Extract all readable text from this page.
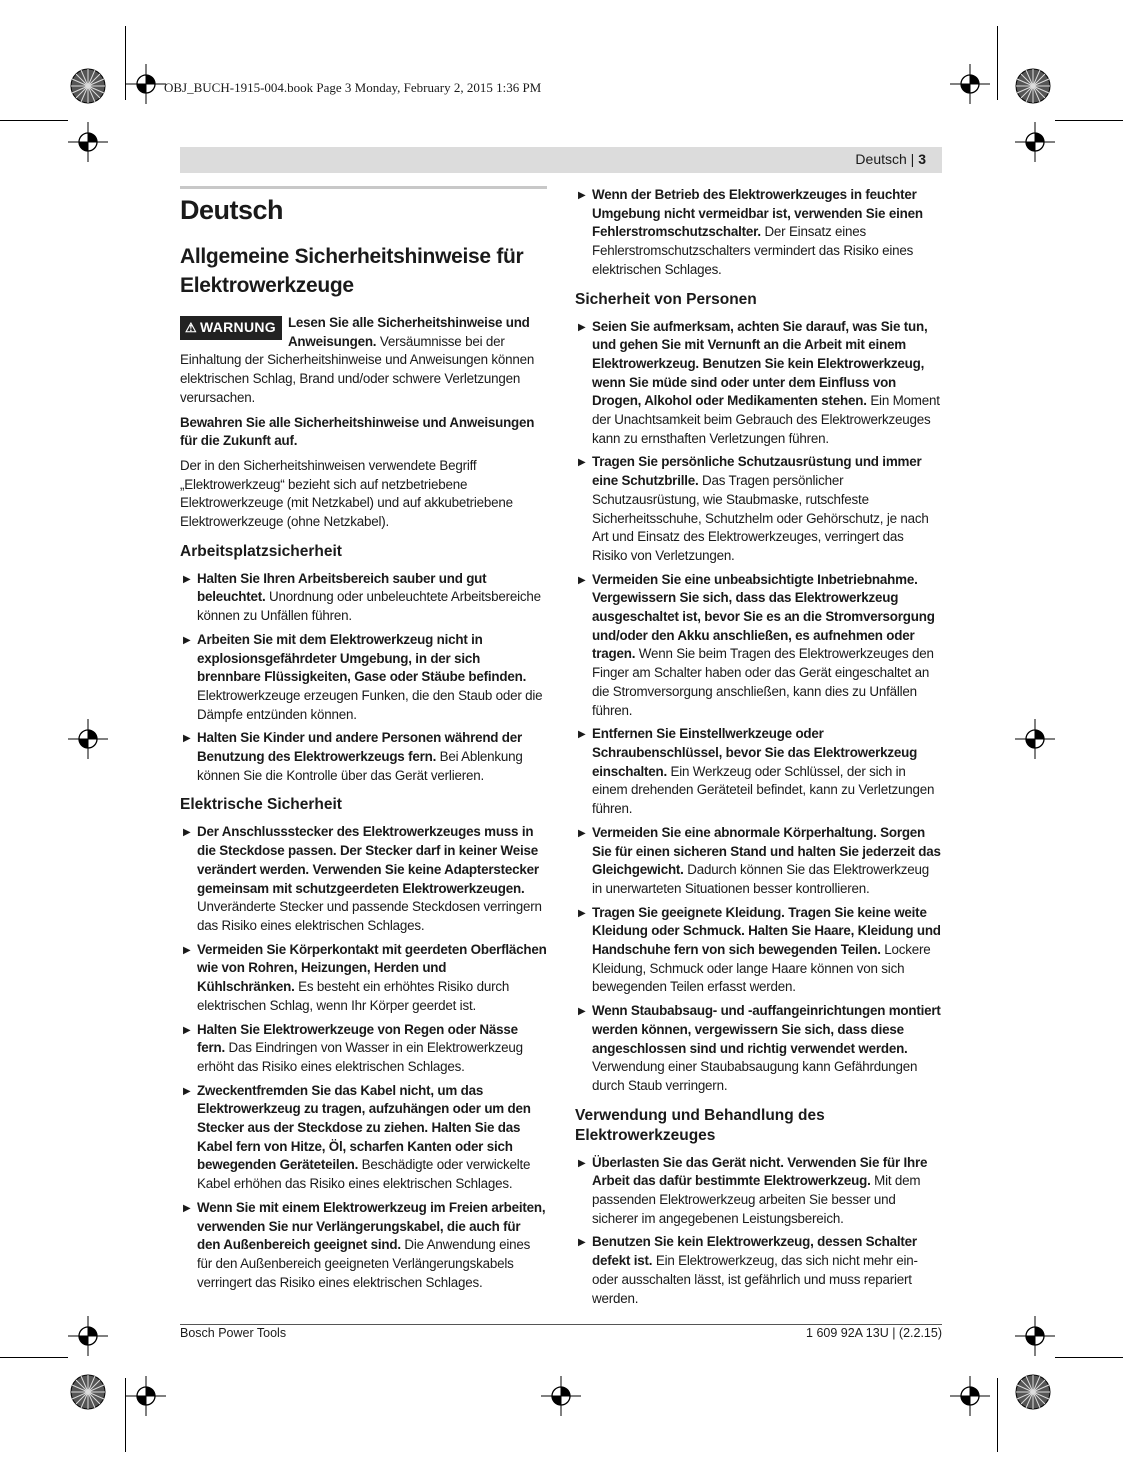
OBJ_BUCH-1915-004.book Page 3 Monday, February 2, 2015 1:36 PM
Deutsch | 3
Deutsch
Allgemeine Sicherheitshinweise für Elektrowerkzeuge

⚠ WARNUNG Lesen Sie alle Sicherheitshinweise und Anweisungen. Versäumnisse bei der Einhaltung der Sicherheitshinweise und Anweisungen können elektrischen Schlag, Brand und/oder schwere Verletzungen verursachen.

Bewahren Sie alle Sicherheitshinweise und Anweisungen für die Zukunft auf.

Der in den Sicherheitshinweisen verwendete Begriff „Elektrowerkzeug“ bezieht sich auf netzbetriebene Elektrowerkzeuge (mit Netzkabel) und auf akkubetriebene Elektrowerkzeuge (ohne Netzkabel).

Arbeitsplatzsicherheit
▶ Halten Sie Ihren Arbeitsbereich sauber und gut beleuchtet. Unordnung oder unbeleuchtete Arbeitsbereiche können zu Unfällen führen.
▶ Arbeiten Sie mit dem Elektrowerkzeug nicht in explosionsgefährdeter Umgebung, in der sich brennbare Flüssigkeiten, Gase oder Stäube befinden. Elektrowerkzeuge erzeugen Funken, die den Staub oder die Dämpfe entzünden können.
▶ Halten Sie Kinder und andere Personen während der Benutzung des Elektrowerkzeugs fern. Bei Ablenkung können Sie die Kontrolle über das Gerät verlieren.
Elektrische Sicherheit
▶ Der Anschlussstecker des Elektrowerkzeuges muss in die Steckdose passen. Der Stecker darf in keiner Weise verändert werden. Verwenden Sie keine Adapterstecker gemeinsam mit schutzgeerdeten Elektrowerkzeugen. Unveränderte Stecker und passende Steckdosen verringern das Risiko eines elektrischen Schlages.
▶ Vermeiden Sie Körperkontakt mit geerdeten Oberflächen wie von Rohren, Heizungen, Herden und Kühlschränken. Es besteht ein erhöhtes Risiko durch elektrischen Schlag, wenn Ihr Körper geerdet ist.
▶ Halten Sie Elektrowerkzeuge von Regen oder Nässe fern. Das Eindringen von Wasser in ein Elektrowerkzeug erhöht das Risiko eines elektrischen Schlages.
▶ Zweckentfremden Sie das Kabel nicht, um das Elektrowerkzeug zu tragen, aufzuhängen oder um den Stecker aus der Steckdose zu ziehen. Halten Sie das Kabel fern von Hitze, Öl, scharfen Kanten oder sich bewegenden Geräteteilen. Beschädigte oder verwickelte Kabel erhöhen das Risiko eines elektrischen Schlages.
▶ Wenn Sie mit einem Elektrowerkzeug im Freien arbeiten, verwenden Sie nur Verlängerungskabel, die auch für den Außenbereich geeignet sind. Die Anwendung eines für den Außenbereich geeigneten Verlängerungskabels verringert das Risiko eines elektrischen Schlages.
▶ Wenn der Betrieb des Elektrowerkzeuges in feuchter Umgebung nicht vermeidbar ist, verwenden Sie einen Fehlerstromschutzschalter. Der Einsatz eines Fehlerstromschutzschalters vermindert das Risiko eines elektrischen Schlages.
Sicherheit von Personen
▶ Seien Sie aufmerksam, achten Sie darauf, was Sie tun, und gehen Sie mit Vernunft an die Arbeit mit einem Elektrowerkzeug. Benutzen Sie kein Elektrowerkzeug, wenn Sie müde sind oder unter dem Einfluss von Drogen, Alkohol oder Medikamenten stehen. Ein Moment der Unachtsamkeit beim Gebrauch des Elektrowerkzeuges kann zu ernsthaften Verletzungen führen.
▶ Tragen Sie persönliche Schutzausrüstung und immer eine Schutzbrille. Das Tragen persönlicher Schutzausrüstung, wie Staubmaske, rutschfeste Sicherheitsschuhe, Schutzhelm oder Gehörschutz, je nach Art und Einsatz des Elektrowerkzeuges, verringert das Risiko von Verletzungen.
▶ Vermeiden Sie eine unbeabsichtigte Inbetriebnahme. Vergewissern Sie sich, dass das Elektrowerkzeug ausgeschaltet ist, bevor Sie es an die Stromversorgung und/oder den Akku anschließen, es aufnehmen oder tragen. Wenn Sie beim Tragen des Elektrowerkzeuges den Finger am Schalter haben oder das Gerät eingeschaltet an die Stromversorgung anschließen, kann dies zu Unfällen führen.
▶ Entfernen Sie Einstellwerkzeuge oder Schraubenschlüssel, bevor Sie das Elektrowerkzeug einschalten. Ein Werkzeug oder Schlüssel, der sich in einem drehenden Geräteteil befindet, kann zu Verletzungen führen.
▶ Vermeiden Sie eine abnormale Körperhaltung. Sorgen Sie für einen sicheren Stand und halten Sie jederzeit das Gleichgewicht. Dadurch können Sie das Elektrowerkzeug in unerwarteten Situationen besser kontrollieren.
▶ Tragen Sie geeignete Kleidung. Tragen Sie keine weite Kleidung oder Schmuck. Halten Sie Haare, Kleidung und Handschuhe fern von sich bewegenden Teilen. Lockere Kleidung, Schmuck oder lange Haare können von sich bewegenden Teilen erfasst werden.
▶ Wenn Staubabsaug- und -auffangeinrichtungen montiert werden können, vergewissern Sie sich, dass diese angeschlossen sind und richtig verwendet werden. Verwendung einer Staubabsaugung kann Gefährdungen durch Staub verringern.
Verwendung und Behandlung des Elektrowerkzeuges
▶ Überlasten Sie das Gerät nicht. Verwenden Sie für Ihre Arbeit das dafür bestimmte Elektrowerkzeug. Mit dem passenden Elektrowerkzeug arbeiten Sie besser und sicherer im angegebenen Leistungsbereich.
▶ Benutzen Sie kein Elektrowerkzeug, dessen Schalter defekt ist. Ein Elektrowerkzeug, das sich nicht mehr ein- oder ausschalten lässt, ist gefährlich und muss repariert werden.
Bosch Power Tools	1 609 92A 13U | (2.2.15)
